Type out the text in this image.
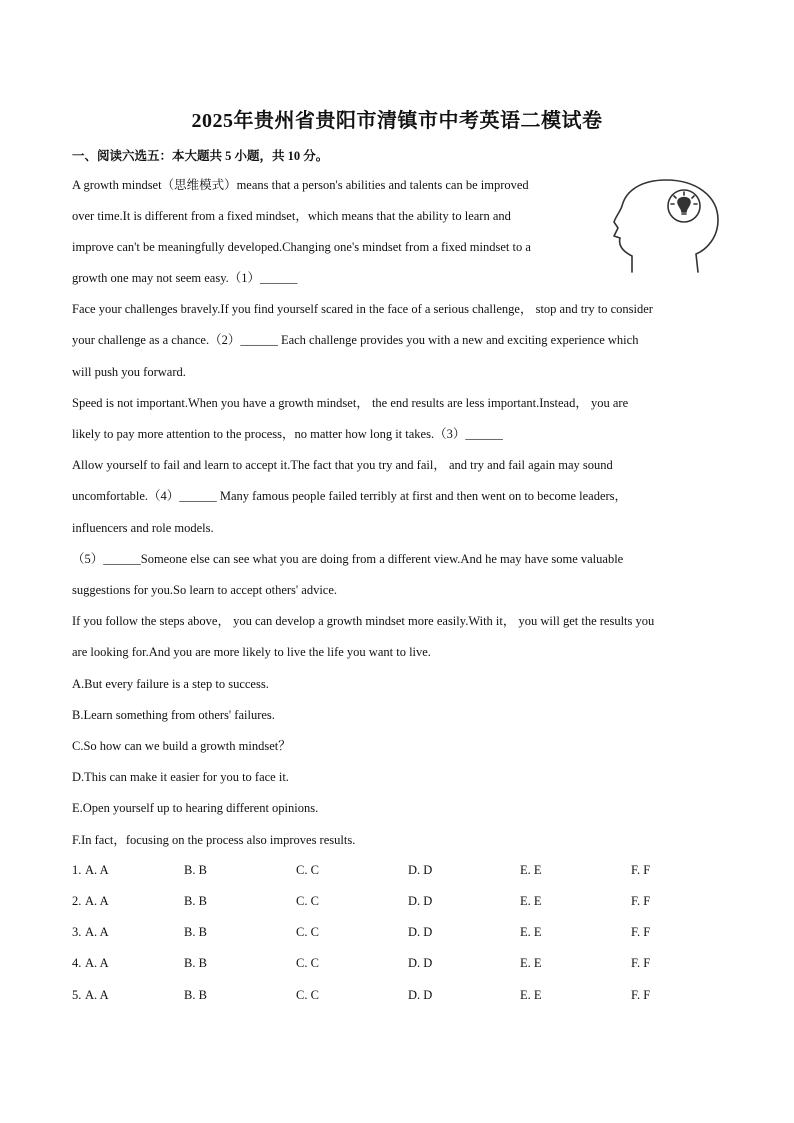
2025年贵州省贵阳市清镇市中考英语二模试卷
一、阅读六选五：本大题共 5 小题，共 10 分。
A growth mindset（思维模式）means that a person's abilities and talents can be improved
over time.It is different from a fixed mindset，which means that the ability to learn and
improve can't be meaningfully developed.Changing one's mindset from a fixed mindset to a
growth one may not seem easy.（1）______
Face your challenges bravely.If you find yourself scared in the face of a serious challenge， stop and try to consider
your challenge as a chance.（2）______ Each challenge provides you with a new and exciting experience which
will push you forward.
Speed is not important.When you have a growth mindset， the end results are less important.Instead， you are
likely to pay more attention to the process，no matter how long it takes.（3）______
Allow yourself to fail and learn to accept it.The fact that you try and fail， and try and fail again may sound
uncomfortable.（4）______ Many famous people failed terribly at first and then went on to become leaders，
influencers and role models.
（5）______Someone else can see what you are doing from a different view.And he may have some valuable
suggestions for you.So learn to accept others' advice.
If you follow the steps above， you can develop a growth mindset more easily.With it， you will get the results you
are looking for.And you are more likely to live the life you want to live.
A.But every failure is a step to success.
B.Learn something from others' failures.
C.So how can we build a growth mindset？
D.This can make it easier for you to face it.
E.Open yourself up to hearing different opinions.
F.In fact，focusing on the process also improves results.
1. A. A	B. B	C. C	D. D	E. E	F. F
2. A. A	B. B	C. C	D. D	E. E	F. F
3. A. A	B. B	C. C	D. D	E. E	F. F
4. A. A	B. B	C. C	D. D	E. E	F. F
5. A. A	B. B	C. C	D. D	E. E	F. F
